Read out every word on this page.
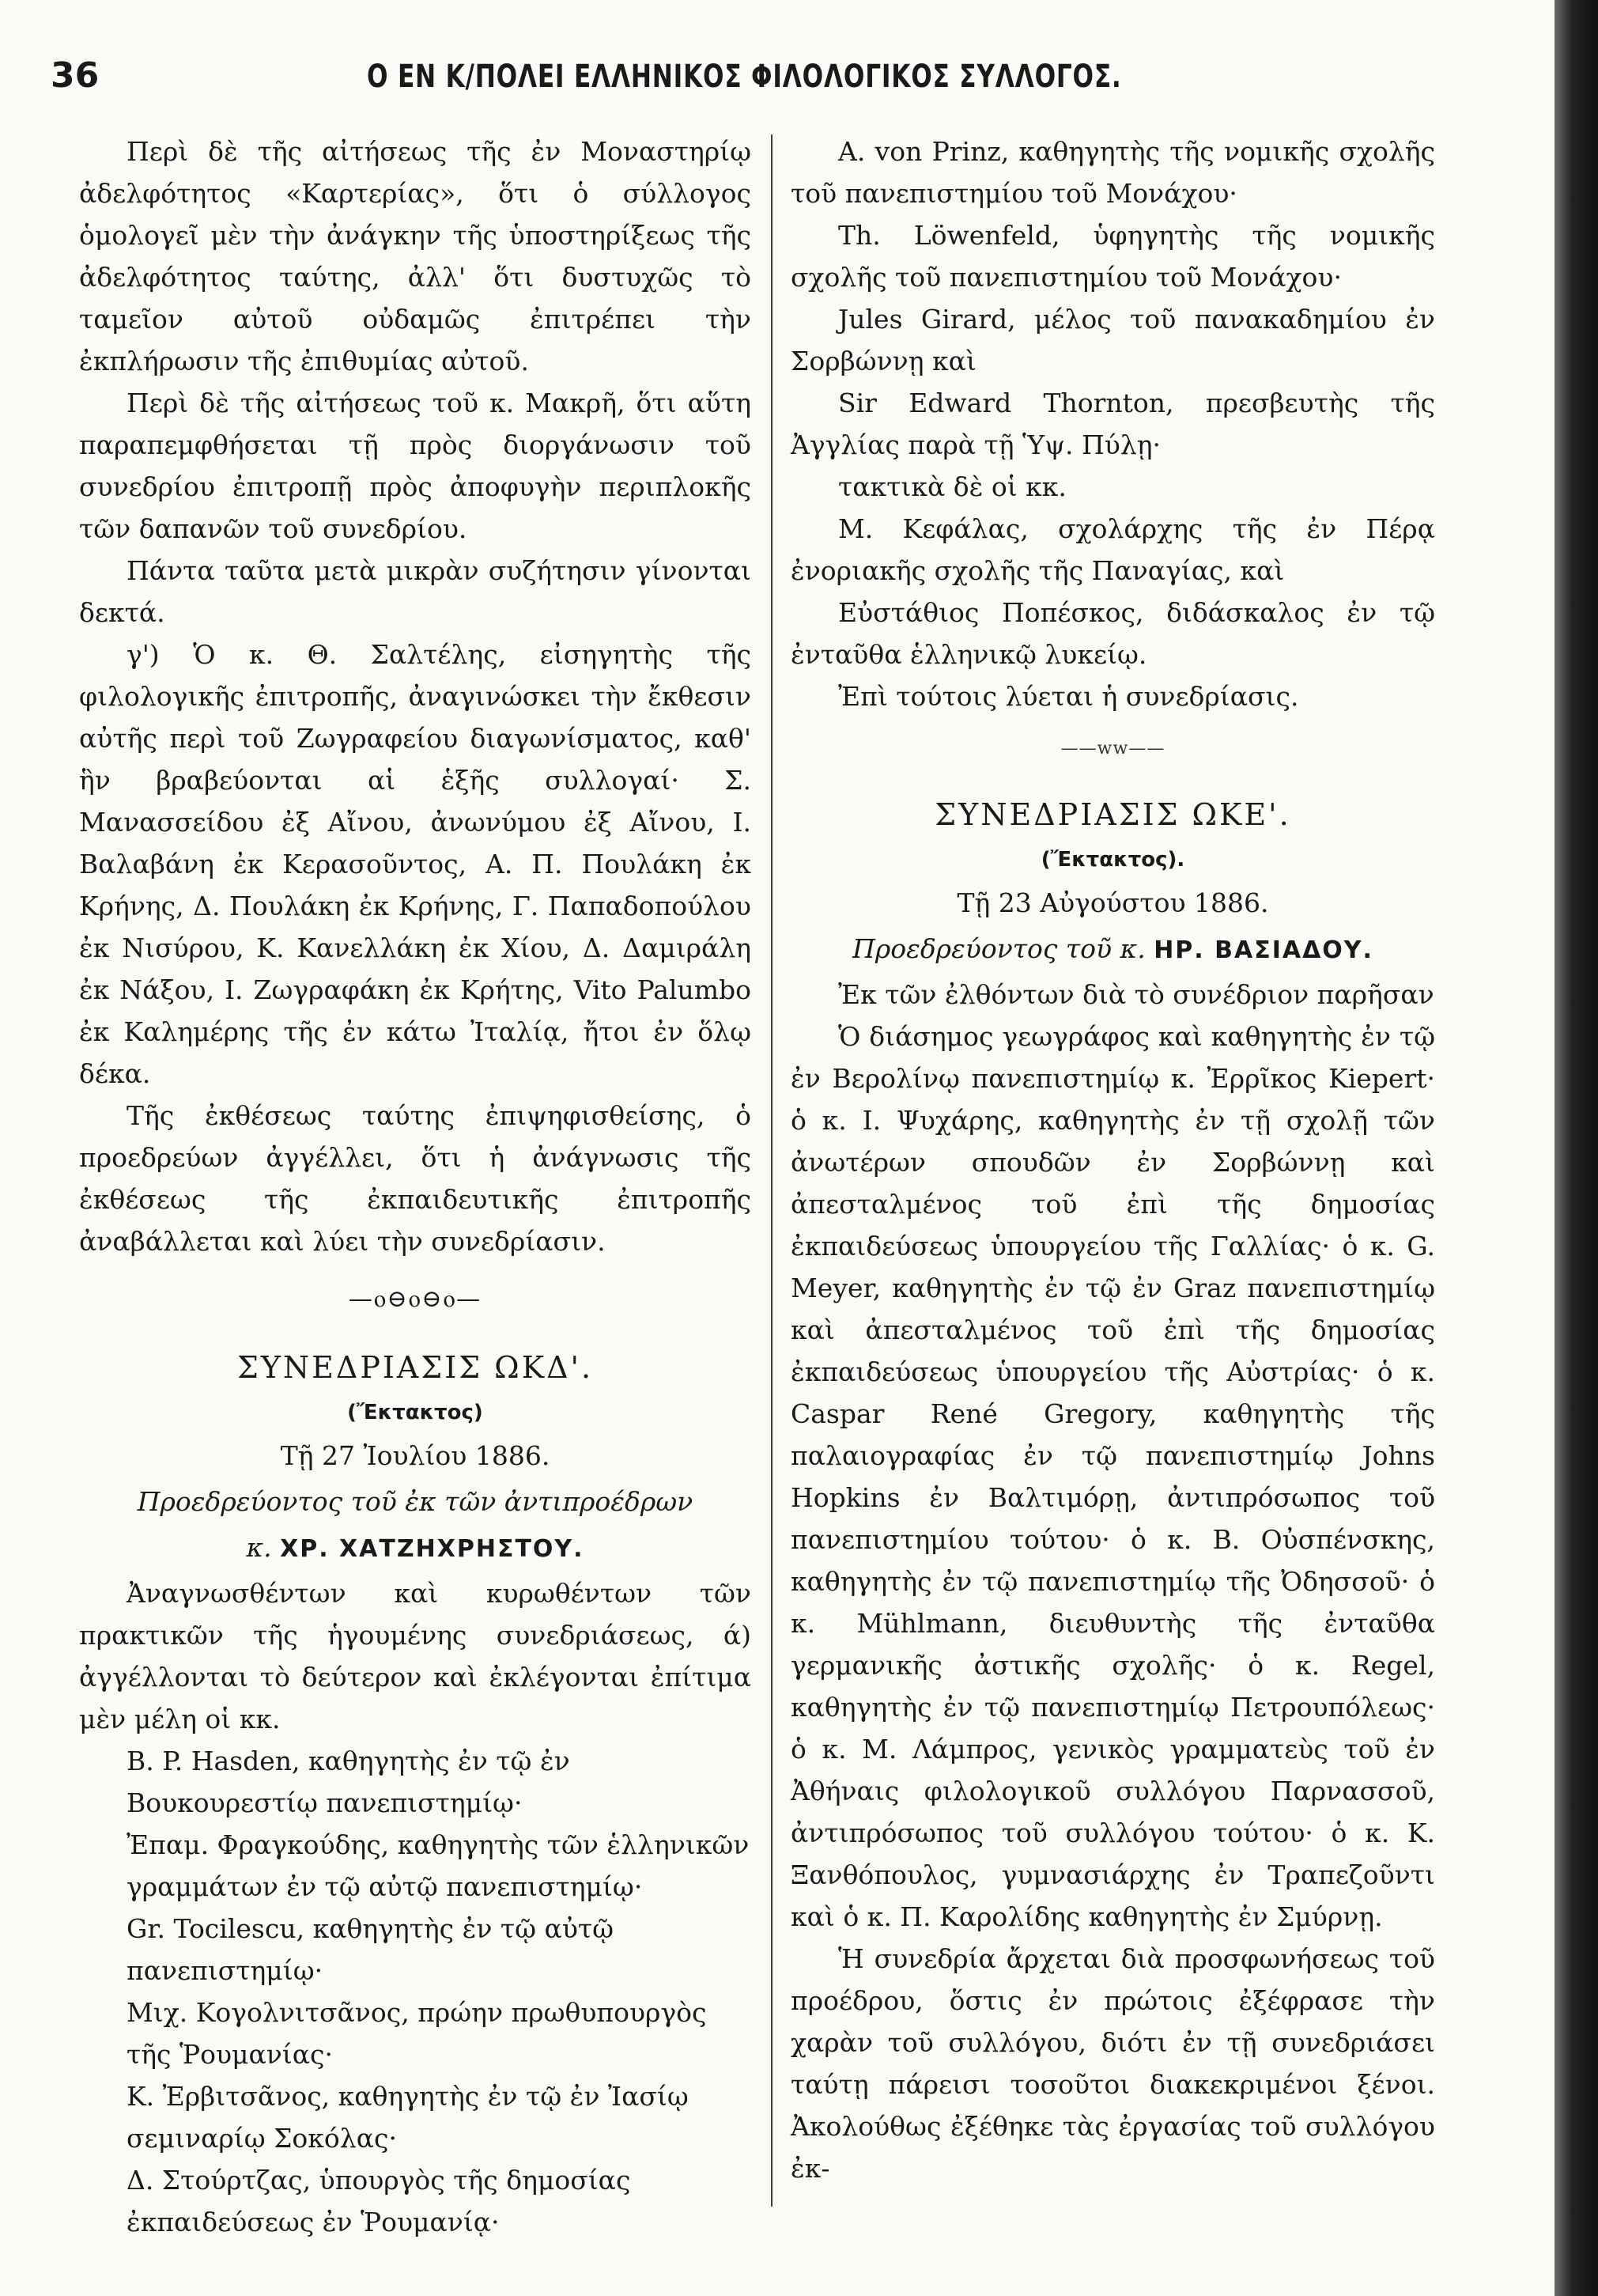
36	Ο ΕΝ Κ/ΠΟΛΕΙ ΕΛΛΗΝΙΚΟΣ ΦΙΛΟΛΟΓΙΚΟΣ ΣΥΛΛΟΓΟΣ.

Περὶ δὲ τῆς αἰτήσεως τῆς ἐν Μοναστηρίῳ ἀδελφότητος «Καρτερίας», ὅτι ὁ σύλλογος ὁμολογεῖ μὲν τὴν ἀνάγκην τῆς ὑποστηρίξεως τῆς ἀδελφότητος ταύτης, ἀλλ' ὅτι δυστυχῶς τὸ ταμεῖον αὐτοῦ οὐδαμῶς ἐπιτρέπει τὴν ἐκπλήρωσιν τῆς ἐπιθυμίας αὐτοῦ.

Περὶ δὲ τῆς αἰτήσεως τοῦ κ. Μακρῆ, ὅτι αὕτη παραπεμφθήσεται τῇ πρὸς διοργάνωσιν τοῦ συνεδρίου ἐπιτροπῇ πρὸς ἀποφυγὴν περιπλοκῆς τῶν δαπανῶν τοῦ συνεδρίου.

Πάντα ταῦτα μετὰ μικρὰν συζήτησιν γίνονται δεκτά.

γ') Ὁ κ. Θ. Σαλτέλης, εἰσηγητὴς τῆς φιλολογικῆς ἐπιτροπῆς, ἀναγινώσκει τὴν ἔκθεσιν αὐτῆς περὶ τοῦ Ζωγραφείου διαγωνίσματος, καθ' ἣν βραβεύονται αἱ ἑξῆς συλλογαί· Σ. Μανασσείδου ἐξ Αἴνου, ἀνωνύμου ἐξ Αἴνου, Ι. Βαλαβάνη ἐκ Κερασοῦντος, Α. Π. Πουλάκη ἐκ Κρήνης, Δ. Πουλάκη ἐκ Κρήνης, Γ. Παπαδοπούλου ἐκ Νισύρου, Κ. Κανελλάκη ἐκ Χίου, Δ. Δαμιράλη ἐκ Νάξου, Ι. Ζωγραφάκη ἐκ Κρήτης, Vito Palumbo ἐκ Καλημέρης τῆς ἐν κάτω Ἰταλίᾳ, ἤτοι ἐν ὅλῳ δέκα.

Τῆς ἐκθέσεως ταύτης ἐπιψηφισθείσης, ὁ προεδρεύων ἀγγέλλει, ὅτι ἡ ἀνάγνωσις τῆς ἐκθέσεως τῆς ἐκπαιδευτικῆς ἐπιτροπῆς ἀναβάλλεται καὶ λύει τὴν συνεδρίασιν.

—ⲟ⊖ⲟ⊖ⲟ—
ΣΥΝΕΔΡΙΑΣΙΣ ΩΚΔ'.
(Ἔκτακτος)
Τῇ 27 Ἰουλίου 1886.
Προεδρεύοντος τοῦ ἐκ τῶν ἀντιπροέδρων
κ. ΧΡ. ΧΑΤΖΗΧΡΗΣΤΟΥ.

Ἀναγνωσθέντων καὶ κυρωθέντων τῶν πρακτικῶν τῆς ἡγουμένης συνεδριάσεως, ά) ἀγγέλλονται τὸ δεύτερον καὶ ἐκλέγονται ἐπίτιμα μὲν μέλη οἱ κκ.

B. P. Hasden, καθηγητὴς ἐν τῷ ἐν Βουκουρεστίῳ πανεπιστημίῳ·

Ἐπαμ. Φραγκούδης, καθηγητὴς τῶν ἑλληνικῶν γραμμάτων ἐν τῷ αὐτῷ πανεπιστημίῳ·

Gr. Tocilescu, καθηγητὴς ἐν τῷ αὐτῷ πανεπιστημίῳ·

Μιχ. Κογολνιτσᾶνος, πρώην πρωθυπουργὸς τῆς Ῥουμανίας·

Κ. Ἐρβιτσᾶνος, καθηγητὴς ἐν τῷ ἐν Ἰασίῳ σεμιναρίῳ Σοκόλας·

Δ. Στούρτζας, ὑπουργὸς τῆς δημοσίας ἐκπαιδεύσεως ἐν Ῥουμανίᾳ·

A. von Prinz, καθηγητὴς τῆς νομικῆς σχολῆς τοῦ πανεπιστημίου τοῦ Μονάχου·

Th. Löwenfeld, ὑφηγητὴς τῆς νομικῆς σχολῆς τοῦ πανεπιστημίου τοῦ Μονάχου·

Jules Girard, μέλος τοῦ πανακαδημίου ἐν Σορβώννῃ καὶ

Sir Edward Thornton, πρεσβευτὴς τῆς Ἀγγλίας παρὰ τῇ Ὑψ. Πύλῃ·

τακτικὰ δὲ οἱ κκ.

Μ. Κεφάλας, σχολάρχης τῆς ἐν Πέρᾳ ἐνοριακῆς σχολῆς τῆς Παναγίας, καὶ

Εὐστάθιος Ποπέσκος, διδάσκαλος ἐν τῷ ἐνταῦθα ἑλληνικῷ λυκείῳ.

Ἐπὶ τούτοις λύεται ἡ συνεδρίασις.

——ww——
ΣΥΝΕΔΡΙΑΣΙΣ ΩΚΕ'.
(Ἔκτακτος).
Τῇ 23 Αὐγούστου 1886.
Προεδρεύοντος τοῦ κ. ΗΡ. ΒΑΣΙΑΔΟΥ.

Ἐκ τῶν ἐλθόντων διὰ τὸ συνέδριον παρῆσαν

Ὁ διάσημος γεωγράφος καὶ καθηγητὴς ἐν τῷ ἐν Βερολίνῳ πανεπιστημίῳ κ. Ἐρρῖκος Kiepert· ὁ κ. Ι. Ψυχάρης, καθηγητὴς ἐν τῇ σχολῇ τῶν ἀνωτέρων σπουδῶν ἐν Σορβώννῃ καὶ ἀπεσταλμένος τοῦ ἐπὶ τῆς δημοσίας ἐκπαιδεύσεως ὑπουργείου τῆς Γαλλίας· ὁ κ. G. Meyer, καθηγητὴς ἐν τῷ ἐν Graz πανεπιστημίῳ καὶ ἀπεσταλμένος τοῦ ἐπὶ τῆς δημοσίας ἐκπαιδεύσεως ὑπουργείου τῆς Αὐστρίας· ὁ κ. Caspar René Gregory, καθηγητὴς τῆς παλαιογραφίας ἐν τῷ πανεπιστημίῳ Johns Hopkins ἐν Βαλτιμόρῃ, ἀντιπρόσωπος τοῦ πανεπιστημίου τούτου· ὁ κ. Β. Οὐσπένσκης, καθηγητὴς ἐν τῷ πανεπιστημίῳ τῆς Ὀδησσοῦ· ὁ κ. Mühlmann, διευθυντὴς τῆς ἐνταῦθα γερμανικῆς ἀστικῆς σχολῆς· ὁ κ. Regel, καθηγητὴς ἐν τῷ πανεπιστημίῳ Πετρουπόλεως· ὁ κ. Μ. Λάμπρος, γενικὸς γραμματεὺς τοῦ ἐν Ἀθήναις φιλολογικοῦ συλλόγου Παρνασσοῦ, ἀντιπρόσωπος τοῦ συλλόγου τούτου· ὁ κ. Κ. Ξανθόπουλος, γυμνασιάρχης ἐν Τραπεζοῦντι καὶ ὁ κ. Π. Καρολίδης καθηγητὴς ἐν Σμύρνῃ.

Ἡ συνεδρία ἄρχεται διὰ προσφωνήσεως τοῦ προέδρου, ὅστις ἐν πρώτοις ἐξέφρασε τὴν χαρὰν τοῦ συλλόγου, διότι ἐν τῇ συνεδριάσει ταύτῃ πάρεισι τοσοῦτοι διακεκριμένοι ξένοι. Ἀκολούθως ἐξέθηκε τὰς ἐργασίας τοῦ συλλόγου ἐκ-
